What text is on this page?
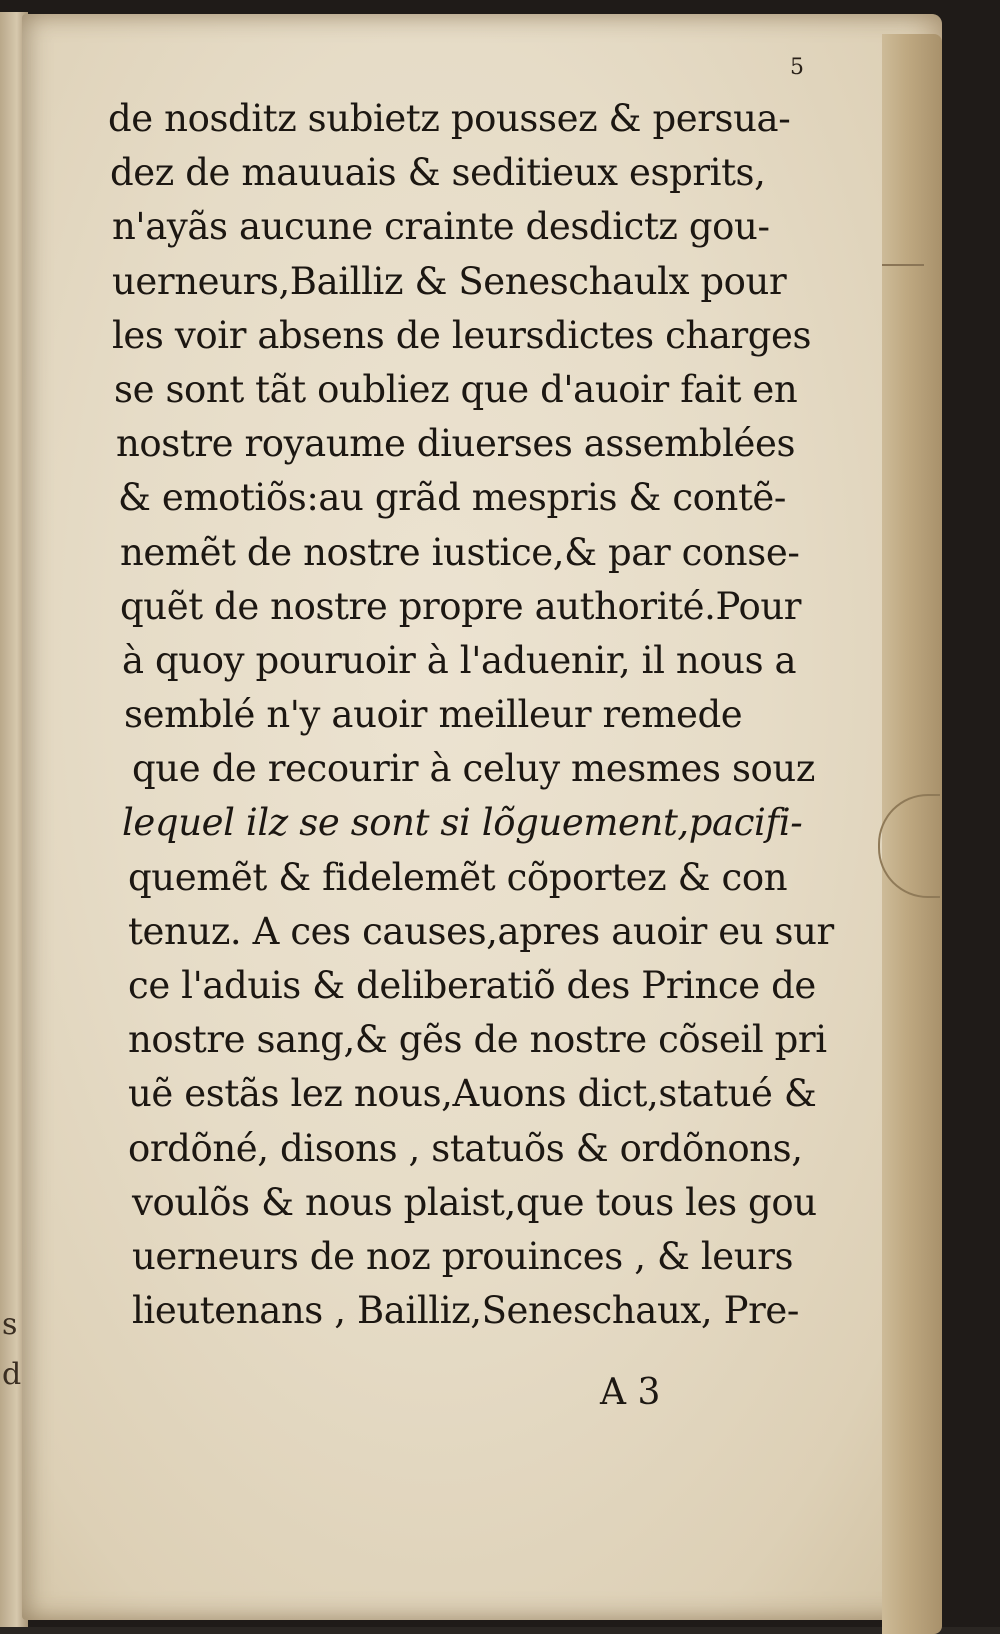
s
d
5
de nosditz subietz poussez & persua-
dez de mauuais & seditieux esprits,
n'ayãs aucune crainte desdictz gou-
uerneurs,Bailliz & Seneschaulx pour
les voir absens de leursdictes charges
se sont tãt oubliez que d'auoir fait en
nostre royaume diuerses assemblées
& emotiõs:au grãd mespris & contẽ-
nemẽt de nostre iustice,& par conse-
quẽt de nostre propre authorité.Pour
à quoy pouruoir à l'aduenir, il nous a
semblé n'y auoir meilleur remede
que de recourir à celuy mesmes souz
lequel ilz se sont si lõguement,pacifi-
quemẽt & fidelemẽt cõportez & con
tenuz. A ces causes,apres auoir eu sur
ce l'aduis & deliberatiõ des Prince de
nostre sang,& gẽs de nostre cõseil pri
uẽ estãs lez nous,Auons dict,statué &
ordõné, disons , statuõs & ordõnons,
voulõs & nous plaist,que tous les gou
uerneurs de noz prouinces , & leurs
lieutenans , Bailliz,Seneschaux, Pre-
A 3
